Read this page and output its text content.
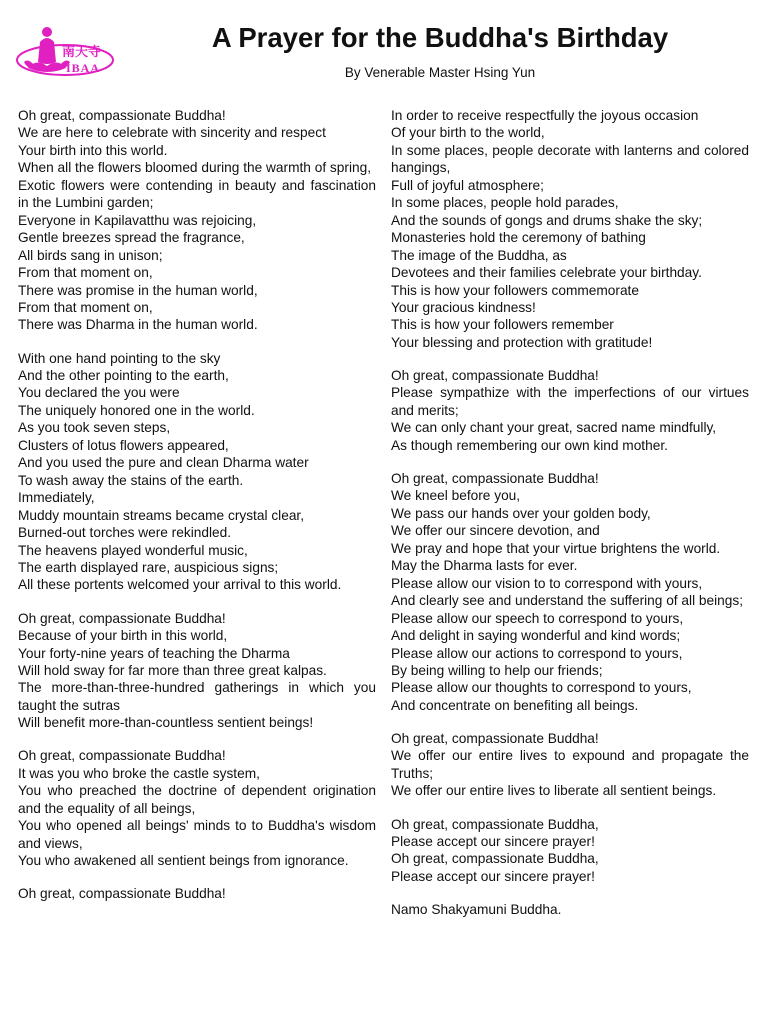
南天寺
IBAA
A Prayer for the Buddha's Birthday
By Venerable Master Hsing Yun
Oh great, compassionate Buddha!
We are here to celebrate with sincerity and respect
Your birth into this world.
When all the flowers bloomed during the warmth of spring,
Exotic flowers were contending in beauty and fascination in the Lumbini garden;
Everyone in Kapilavatthu was rejoicing,
Gentle breezes spread the fragrance,
All birds sang in unison;
From that moment on,
There was promise in the human world,
From that moment on,
There was Dharma in the human world.
With one hand pointing to the sky
And the other pointing to the earth,
You declared the you were
The uniquely honored one in the world.
As you took seven steps,
Clusters of lotus flowers appeared,
And you used the pure and clean Dharma water
To wash away the stains of the earth.
Immediately,
Muddy mountain streams became crystal clear,
Burned-out torches were rekindled.
The heavens played wonderful music,
The earth displayed rare, auspicious signs;
All these portents welcomed your arrival to this world.
Oh great, compassionate Buddha!
Because of your birth in this world,
Your forty-nine years of teaching the Dharma
Will hold sway for far more than three great kalpas.
The more-than-three-hundred gatherings in which you taught the sutras
Will benefit more-than-countless sentient beings!
Oh great, compassionate Buddha!
It was you who broke the castle system,
You who preached the doctrine of dependent origination and the equality of all beings,
You who opened all beings' minds to to Buddha's wisdom and views,
You who awakened all sentient beings from ignorance.
Oh great, compassionate Buddha!
In order to receive respectfully the joyous occasion
Of your birth to the world,
In some places, people decorate with lanterns and colored hangings,
Full of joyful atmosphere;
In some places, people hold parades,
And the sounds of gongs and drums shake the sky;
Monasteries hold the ceremony of bathing
The image of the Buddha, as
Devotees and their families celebrate your birthday.
This is how your followers commemorate
Your gracious kindness!
This is how your followers remember
Your blessing and protection with gratitude!
Oh great, compassionate Buddha!
Please sympathize with the imperfections of our virtues and merits;
We can only chant your great, sacred name mindfully,
As though remembering our own kind mother.
Oh great, compassionate Buddha!
We kneel before you,
We pass our hands over your golden body,
We offer our sincere devotion, and
We pray and hope that your virtue brightens the world.
May the Dharma lasts for ever.
Please allow our vision to to correspond with yours,
And clearly see and understand the suffering of all beings;
Please allow our speech to correspond to yours,
And delight in saying wonderful and kind words;
Please allow our actions to correspond to yours,
By being willing to help our friends;
Please allow our thoughts to correspond to yours,
And concentrate on benefiting all beings.
Oh great, compassionate Buddha!
We offer our entire lives to expound and propagate the Truths;
We offer our entire lives to liberate all sentient beings.
Oh great, compassionate Buddha,
Please accept our sincere prayer!
Oh great, compassionate Buddha,
Please accept our sincere prayer!
Namo Shakyamuni Buddha.
